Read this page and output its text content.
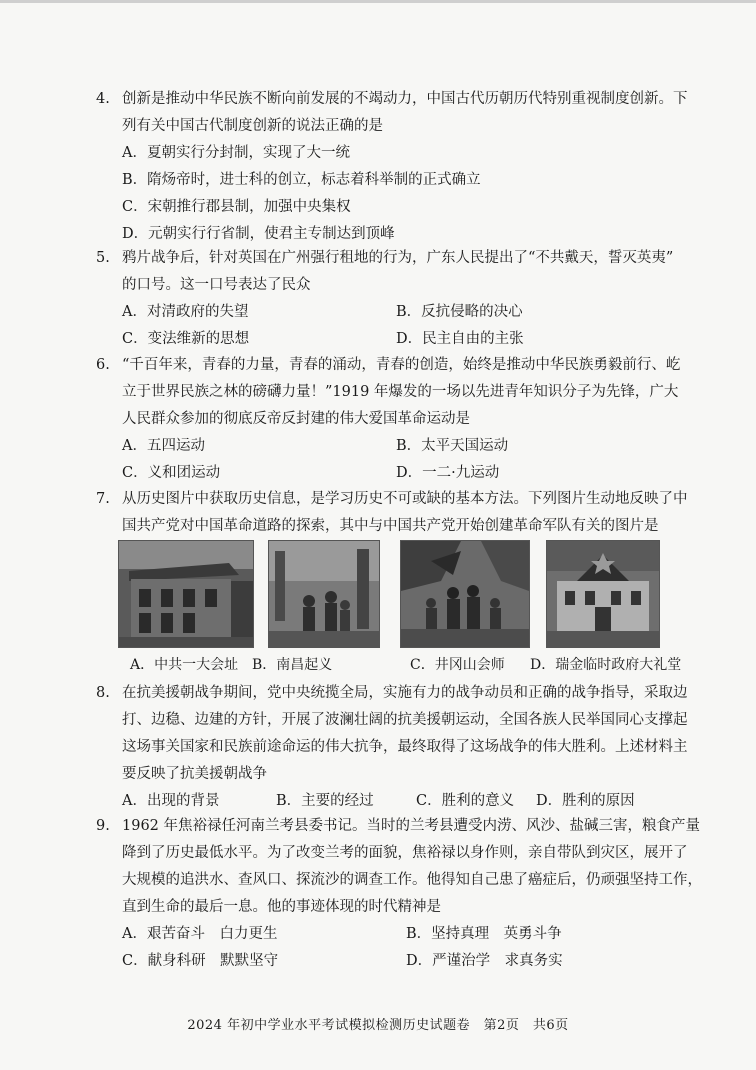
4. 创新是推动中华民族不断向前发展的不竭动力，中国古代历朝历代特别重视制度创新。下
列有关中国古代制度创新的说法正确的是
A．夏朝实行分封制，实现了大一统
B．隋炀帝时，进士科的创立，标志着科举制的正式确立
C．宋朝推行郡县制，加强中央集权
D．元朝实行行省制，使君主专制达到顶峰
5. 鸦片战争后，针对英国在广州强行租地的行为，广东人民提出了“不共戴天，誓灭英夷”
的口号。这一口号表达了民众
A．对清政府的失望	B．反抗侵略的决心
C．变法维新的思想	D．民主自由的主张
6. “千百年来，青春的力量，青春的涌动，青春的创造，始终是推动中华民族勇毅前行、屹
立于世界民族之林的磅礴力量！”1919 年爆发的一场以先进青年知识分子为先锋，广大
人民群众参加的彻底反帝反封建的伟大爱国革命运动是
A．五四运动	B．太平天国运动
C．义和团运动	D．一二·九运动
7. 从历史图片中获取历史信息，是学习历史不可或缺的基本方法。下列图片生动地反映了中
国共产党对中国革命道路的探索，其中与中国共产党开始创建革命军队有关的图片是
A．中共一大会址 B．南昌起义	C．井冈山会师 D．瑞金临时政府大礼堂
8. 在抗美援朝战争期间，党中央统揽全局，实施有力的战争动员和正确的战争指导，采取边
打、边稳、边建的方针，开展了波澜壮阔的抗美援朝运动，全国各族人民举国同心支撑起
这场事关国家和民族前途命运的伟大抗争，最终取得了这场战争的伟大胜利。上述材料主
要反映了抗美援朝战争
A．出现的背景	B．主要的经过	C．胜利的意义 D．胜利的原因
9. 1962 年焦裕禄任河南兰考县委书记。当时的兰考县遭受内涝、风沙、盐碱三害，粮食产量
降到了历史最低水平。为了改变兰考的面貌，焦裕禄以身作则，亲自带队到灾区，展开了
大规模的追洪水、查风口、探流沙的调查工作。他得知自己患了癌症后，仍顽强坚持工作，
直到生命的最后一息。他的事迹体现的时代精神是
A．艰苦奋斗　白力更生	B．坚持真理　英勇斗争
C．献身科研　默默坚守	D．严谨治学　求真务实
2024 年初中学业水平考试模拟检测历史试题卷　第2页　共6页
